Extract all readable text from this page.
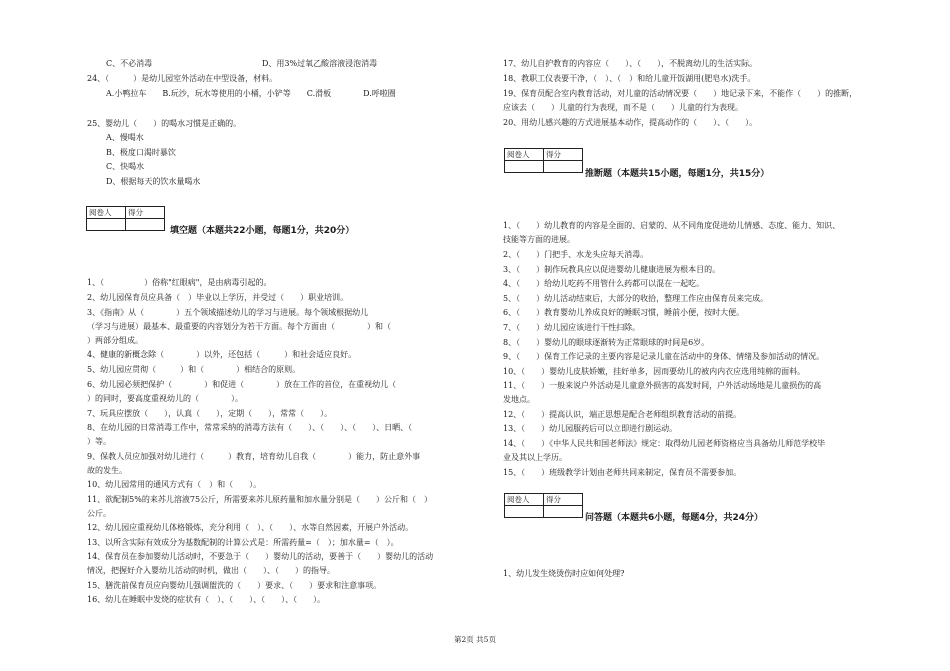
C、不必消毒	D、用3%过氧乙酸溶液浸泡消毒
24、（　　　）是幼儿园室外活动在中型设备，材料。
A.小鸭拉车　　B.玩沙，玩水等使用的小桶，小铲等　　C.滑板　　　　D.呼啦圈
25、婴幼儿（　　）的喝水习惯是正确的。
A、慢喝水
B、极度口渴时暴饮
C、快喝水
D、根据每天的饮水量喝水
阅卷人	得分

填空题（本题共22小题，每题1分，共20分）
1、（　　　　　）俗称"红眼病"，是由病毒引起的。
2、幼儿园保育员应具备（　）毕业以上学历，并受过（　　）职业培训。
3、《指南》从（　　　　）五个领域描述幼儿的学习与进展。每个领域根据幼儿
（学习与进展）最基本、最重要的内容划分为若干方面。每个方面由（　　　　）和（　　　
）两部分组成。
4、健康的新概念除（　　　　）以外，还包括（　　　）和社会适应良好。
5、幼儿园应贯彻（　　　）和（　　　　）相结合的原则。
6、幼儿园必须把保护（　　　　）和促进（　　　　）放在工作的首位，在重视幼儿（
）的同时，要高度重视幼儿的（　　　　）。
7、玩具应摆放（　　），认真（　　），定期（　　），常常（　　）。
8、在幼儿园的日常消毒工作中，常常采纳的消毒方法有（　　）、（　　）、（　　）、日晒、（　
）等。
9、保教人员应加强对幼儿进行（　　　）教育，培育幼儿自我（　　　　）能力，防止意外事
故的发生。
10、幼儿园常用的通风方式有（　）和（　　）。
11、欲配制5%的来苏儿溶液75公斤，所需要来苏儿原药量和加水量分别是（　　）公斤和（　）
公斤。
12、幼儿园应重视幼儿体格锻炼，充分利用（　）、（　　）、水等自然因素，开展户外活动。
13、以所含实际有效成分为基数配制的计算公式是：所需药量=（　）；加水量=（　）。
14、保育员在参加婴幼儿活动时，不要急于（　　）婴幼儿的活动，要善于（　　）婴幼儿的活动
情况，把握好介入婴幼儿活动的时机，做出（　　）、（　　）的指导。
15、膳洗前保育员应向婴幼儿强调盥洗的（　　）要求、（　　）要求和注意事项。
16、幼儿在睡眠中发烧的症状有（　）、（　　）、（　　）、（　　）。
17、幼儿自护教育的内容应（　　）、（　　），不脱离幼儿的生活实际。
18、教职工仪表要干净，（　）、（　）和给儿童开饭湖用(肥皂水)洗手。
19、保育员配合室内教育活动，对儿童的活动情况要（　　）地记录下来，不能作（　　）的推断，
应该去（　　）儿童的行为表现，而不是（　　）儿童的行为表现。
20、用幼儿感兴趣的方式进展基本动作，提高动作的（　　）、（　　）。
阅卷人	得分

推断题（本题共15小题，每题1分，共15分）
1、（　　）幼儿教育的内容是全面的、启蒙的、从不同角度促进幼儿情感、态度、能力、知识、
技能等方面的进展。
2、（　　）门把手、水龙头应每天消毒。
3、（　　）制作玩教具应以促进婴幼儿健康进展为根本目的。
4、（　　）给幼儿吃药不用管什么药都可以混在一起吃。
5、（　　）幼儿活动结束后，大部分的收拾，整理工作应由保育员来完成。
6、（　　）教育婴幼儿养成良好的睡眠习惯，睡前小便，按时大便。
7、（　　）幼儿园应该进行干性扫除。
8、（　　）婴幼儿的眼球逐渐转为正常眼球的时间是6岁。
9、（　　）保育工作记录的主要内容是记录儿童在活动中的身体、情绪及参加活动的情况。
10、（　　）婴幼儿皮肤娇嫩，挂好单多，因而要幼儿的被内内衣应选用纯棉的面料。
11、（　　）一般来说户外活动是儿童意外损害的高发时间，户外活动场地是儿童损伤的高
发地点。
12、（　　）提高认识，端正思想是配合老师组织教育活动的前提。
13、（　　）幼儿园服药后可以立即进行剧运动。
14、（　　）《中华人民共和国老师法》规定：取得幼儿园老师资格应当具备幼儿师范学校毕
业及其以上学历。
15、（　　）班级教学计划由老师共同来制定，保育员不需要参加。
阅卷人	得分

问答题（本题共6小题，每题4分，共24分）
1、幼儿发生烧烫伤时应如何处理?
第2页 共5页
